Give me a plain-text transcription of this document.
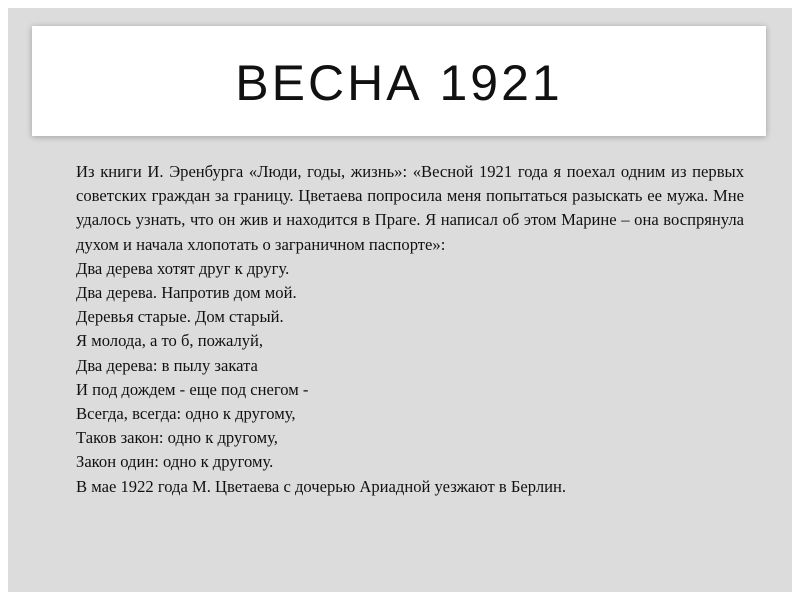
ВЕСНА 1921

Из книги И. Эренбурга «Люди, годы, жизнь»: «Весной 1921 года я поехал одним из первых советских граждан за границу. Цветаева попросила меня попытаться разыскать ее мужа. Мне удалось узнать, что он жив и находится в Праге. Я написал об этом Марине – она воспрянула духом и начала хлопотать о заграничном паспорте»:

Два дерева хотят друг к другу.

Два дерева. Напротив дом мой.

Деревья старые. Дом старый.

Я молода, а то б, пожалуй,

Два дерева: в пылу заката

И под дождем - еще под снегом -

Всегда, всегда: одно к другому,

Таков закон: одно к другому,

Закон один: одно к другому.

В мае 1922 года М. Цветаева с дочерью Ариадной уезжают в Берлин.
